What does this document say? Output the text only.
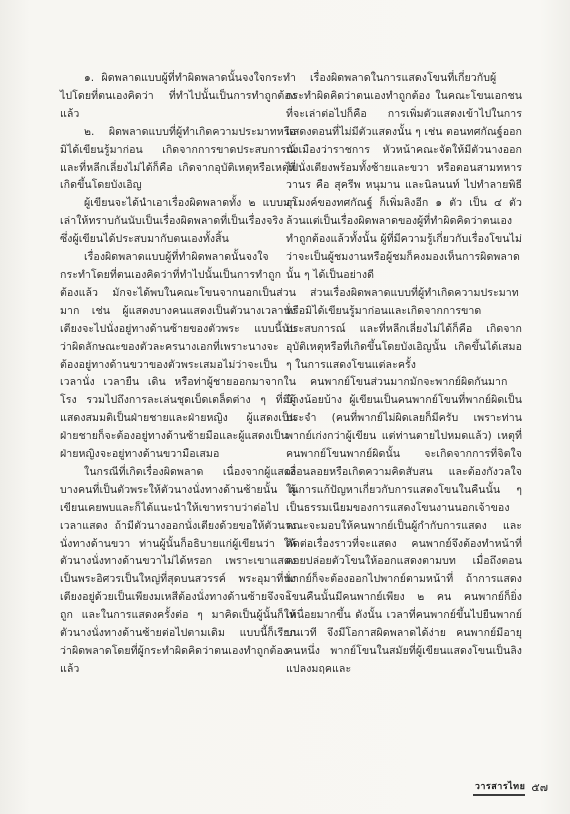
๑. ผิดพลาดแบบผู้ที่ทำผิดพลาดนั้นจงใจกระทำไปโดยที่ตนเองคิดว่า ที่ทำไปนั้นเป็นการทำถูกต้องแล้ว

๒. ผิดพลาดแบบที่ผู้ทำเกิดความประมาทหรือมิได้เขียนรู้มาก่อน เกิดจากการขาดประสบการณ์ และที่หลีกเลี่ยงไม่ได้ก็คือ เกิดจากอุบัติเหตุหรือเหตุที่เกิดขึ้นโดยบังเอิญ

ผู้เขียนจะได้นำเอาเรื่องผิดพลาดทั้ง ๒ แบบมาเล่าให้ทราบกันนับเป็นเรื่องผิดพลาดที่เป็นเรื่องจริง ซึ่งผู้เขียนได้ประสบมากับตนเองทั้งสิ้น

เรื่องผิดพลาดแบบผู้ที่ทำผิดพลาดนั้นจงใจกระทำโดยที่ตนเองคิดว่าที่ทำไปนั้นเป็นการทำถูกต้องแล้ว มักจะได้พบในคณะโขนจากนอกเป็นส่วนมาก เช่น ผู้แสดงบางคนแสดงเป็นตัวนางเวลานั่งเตียงจะไปนั่งอยู่ทางด้านซ้ายของตัวพระ แบบนี้นับว่าผิดลักษณะของตัวละครนางเอกที่เพราะนางจะต้องอยู่ทางด้านขวาของตัวพระเสมอไม่ว่าจะเป็นเวลานั่ง เวลายืน เดิน หรือท่าผู้ชายออกมาจากในโรง รวมไปถึงการละเล่นชุดเบ็ดเตล็ดต่าง ๆ ที่มีผู้แสดงสมมติเป็นฝ่ายชายและฝ่ายหญิง ผู้แสดงเป็นฝ่ายชายก็จะต้องอยู่ทางด้านซ้ายมือและผู้แสดงเป็นฝ่ายหญิงจะอยู่ทางด้านขวามือเสมอ

ในกรณีที่เกิดเรื่องผิดพลาด เนื่องจากผู้แสดงบางคนที่เป็นตัวพระให้ตัวนางนั่งทางด้านซ้ายนั้น ผู้เขียนเคยพบและก็ได้แนะนำให้เขาทราบว่าต่อไปเวลาแสดง ถ้ามีตัวนางออกนั่งเตียงด้วยขอให้ตัวนางนั่งทางด้านขวา ท่านผู้นั้นก็อธิบายแก่ผู้เขียนว่า ให้ตัวนางนั่งทางด้านขวาไม่ได้หรอก เพราะเขาแสดงเป็นพระอิศวรเป็นใหญ่ที่สุดบนสวรรค์ พระอุมาที่นั่งเตียงอยู่ด้วยเป็นเพียงมเหสีต้องนั่งทางด้านซ้ายจึงจะถูก และในการแสดงครั้งต่อ ๆ มาคิดเป็นผู้นั้นก็ให้ตัวนางนั่งทางด้านซ้ายต่อไปตามเดิม แบบนี้ก็เรียกว่าผิดพลาดโดยที่ผู้กระทำผิดคิดว่าตนเองทำถูกต้องแล้ว

เรื่องผิดพลาดในการแสดงโขนที่เกี่ยวกับผู้กระทำผิดคิดว่าตนเองทำถูกต้อง ในคณะโขนเอกชนที่จะเล่าต่อไปก็คือ การเพิ่มตัวแสดงเข้าไปในการแสดงตอนที่ไม่มีตัวแสดงนั้น ๆ เช่น ตอนทศกัณฐ์ออกนั่งเมืองว่าราชการ หัวหน้าคณะจัดให้มีตัวนางออกไปนั่งเตียงพร้อมทั้งซ้ายและขวา หรือตอนสามทหารวานร คือ สุครีพ หนุมาน และนิลนนท์ ไปทำลายพิธีอุโมงค์ของทศกัณฐ์ ก็เพิ่มลิงอีก ๑ ตัว เป็น ๔ ตัว ล้วนแต่เป็นเรื่องผิดพลาดของผู้ที่ทำผิดคิดว่าตนเองทำถูกต้องแล้วทั้งนั้น ผู้ที่มีความรู้เกี่ยวกับเรื่องโขนไม่ว่าจะเป็นผู้ชมงานหรือผู้ชมก็คงมองเห็นการผิดพลาดนั้น ๆ ได้เป็นอย่างดี

ส่วนเรื่องผิดพลาดแบบที่ผู้ทำเกิดความประมาทหรือมิได้เขียนรู้มาก่อนและเกิดจากการขาดประสบการณ์ และที่หลีกเลี่ยงไม่ได้ก็คือ เกิดจากอุบัติเหตุหรือที่เกิดขึ้นโดยบังเอิญนั้น เกิดขึ้นได้เสมอ ๆ ในการแสดงโขนแต่ละครั้ง

คนพากย์โขนส่วนมากมักจะพากย์ผิดกันมากบ้างน้อยบ้าง ผู้เขียนเป็นคนพากย์โขนที่พากย์ผิดเป็นประจำ (คนที่พากย์ไม่ผิดเลยก็มีครับ เพราะท่านพากย์เก่งกว่าผู้เขียน แต่ท่านตายไปหมดแล้ว) เหตุที่คนพากย์โขนพากย์ผิดนั้น จะเกิดจากการที่จิตใจเลื่อนลอยหรือเกิดความคิดสับสน และต้องกังวลใจในการแก้ปัญหาเกี่ยวกับการแสดงโขนในคืนนั้น ๆ เป็นธรรมเนียมของการแสดงโขนงานนอกเจ้าของคณะจะมอบให้คนพากย์เป็นผู้กำกับการแสดง และตัดต่อเรื่องราวที่จะแสดง คนพากย์จึงต้องทำหน้าที่คอยปล่อยตัวโขนให้ออกแสดงตามบท เมื่อถึงตอนพากย์ก็จะต้องออกไปพากย์ตามหน้าที่ ถ้าการแสดงโขนคืนนั้นมีคนพากย์เพียง ๒ คน คนพากย์ก็ยิ่งเหนื่อยมากขึ้น ดังนั้น เวลาที่คนพากย์ขึ้นไปยืนพากย์บนเวที จึงมีโอกาสผิดพลาดได้ง่าย คนพากย์มีอายุคนหนึ่ง พากย์โขนในสมัยที่ผู้เขียนแสดงโขนเป็นลิงแปลงมฤคและ

วารสารไทย ๕๗
